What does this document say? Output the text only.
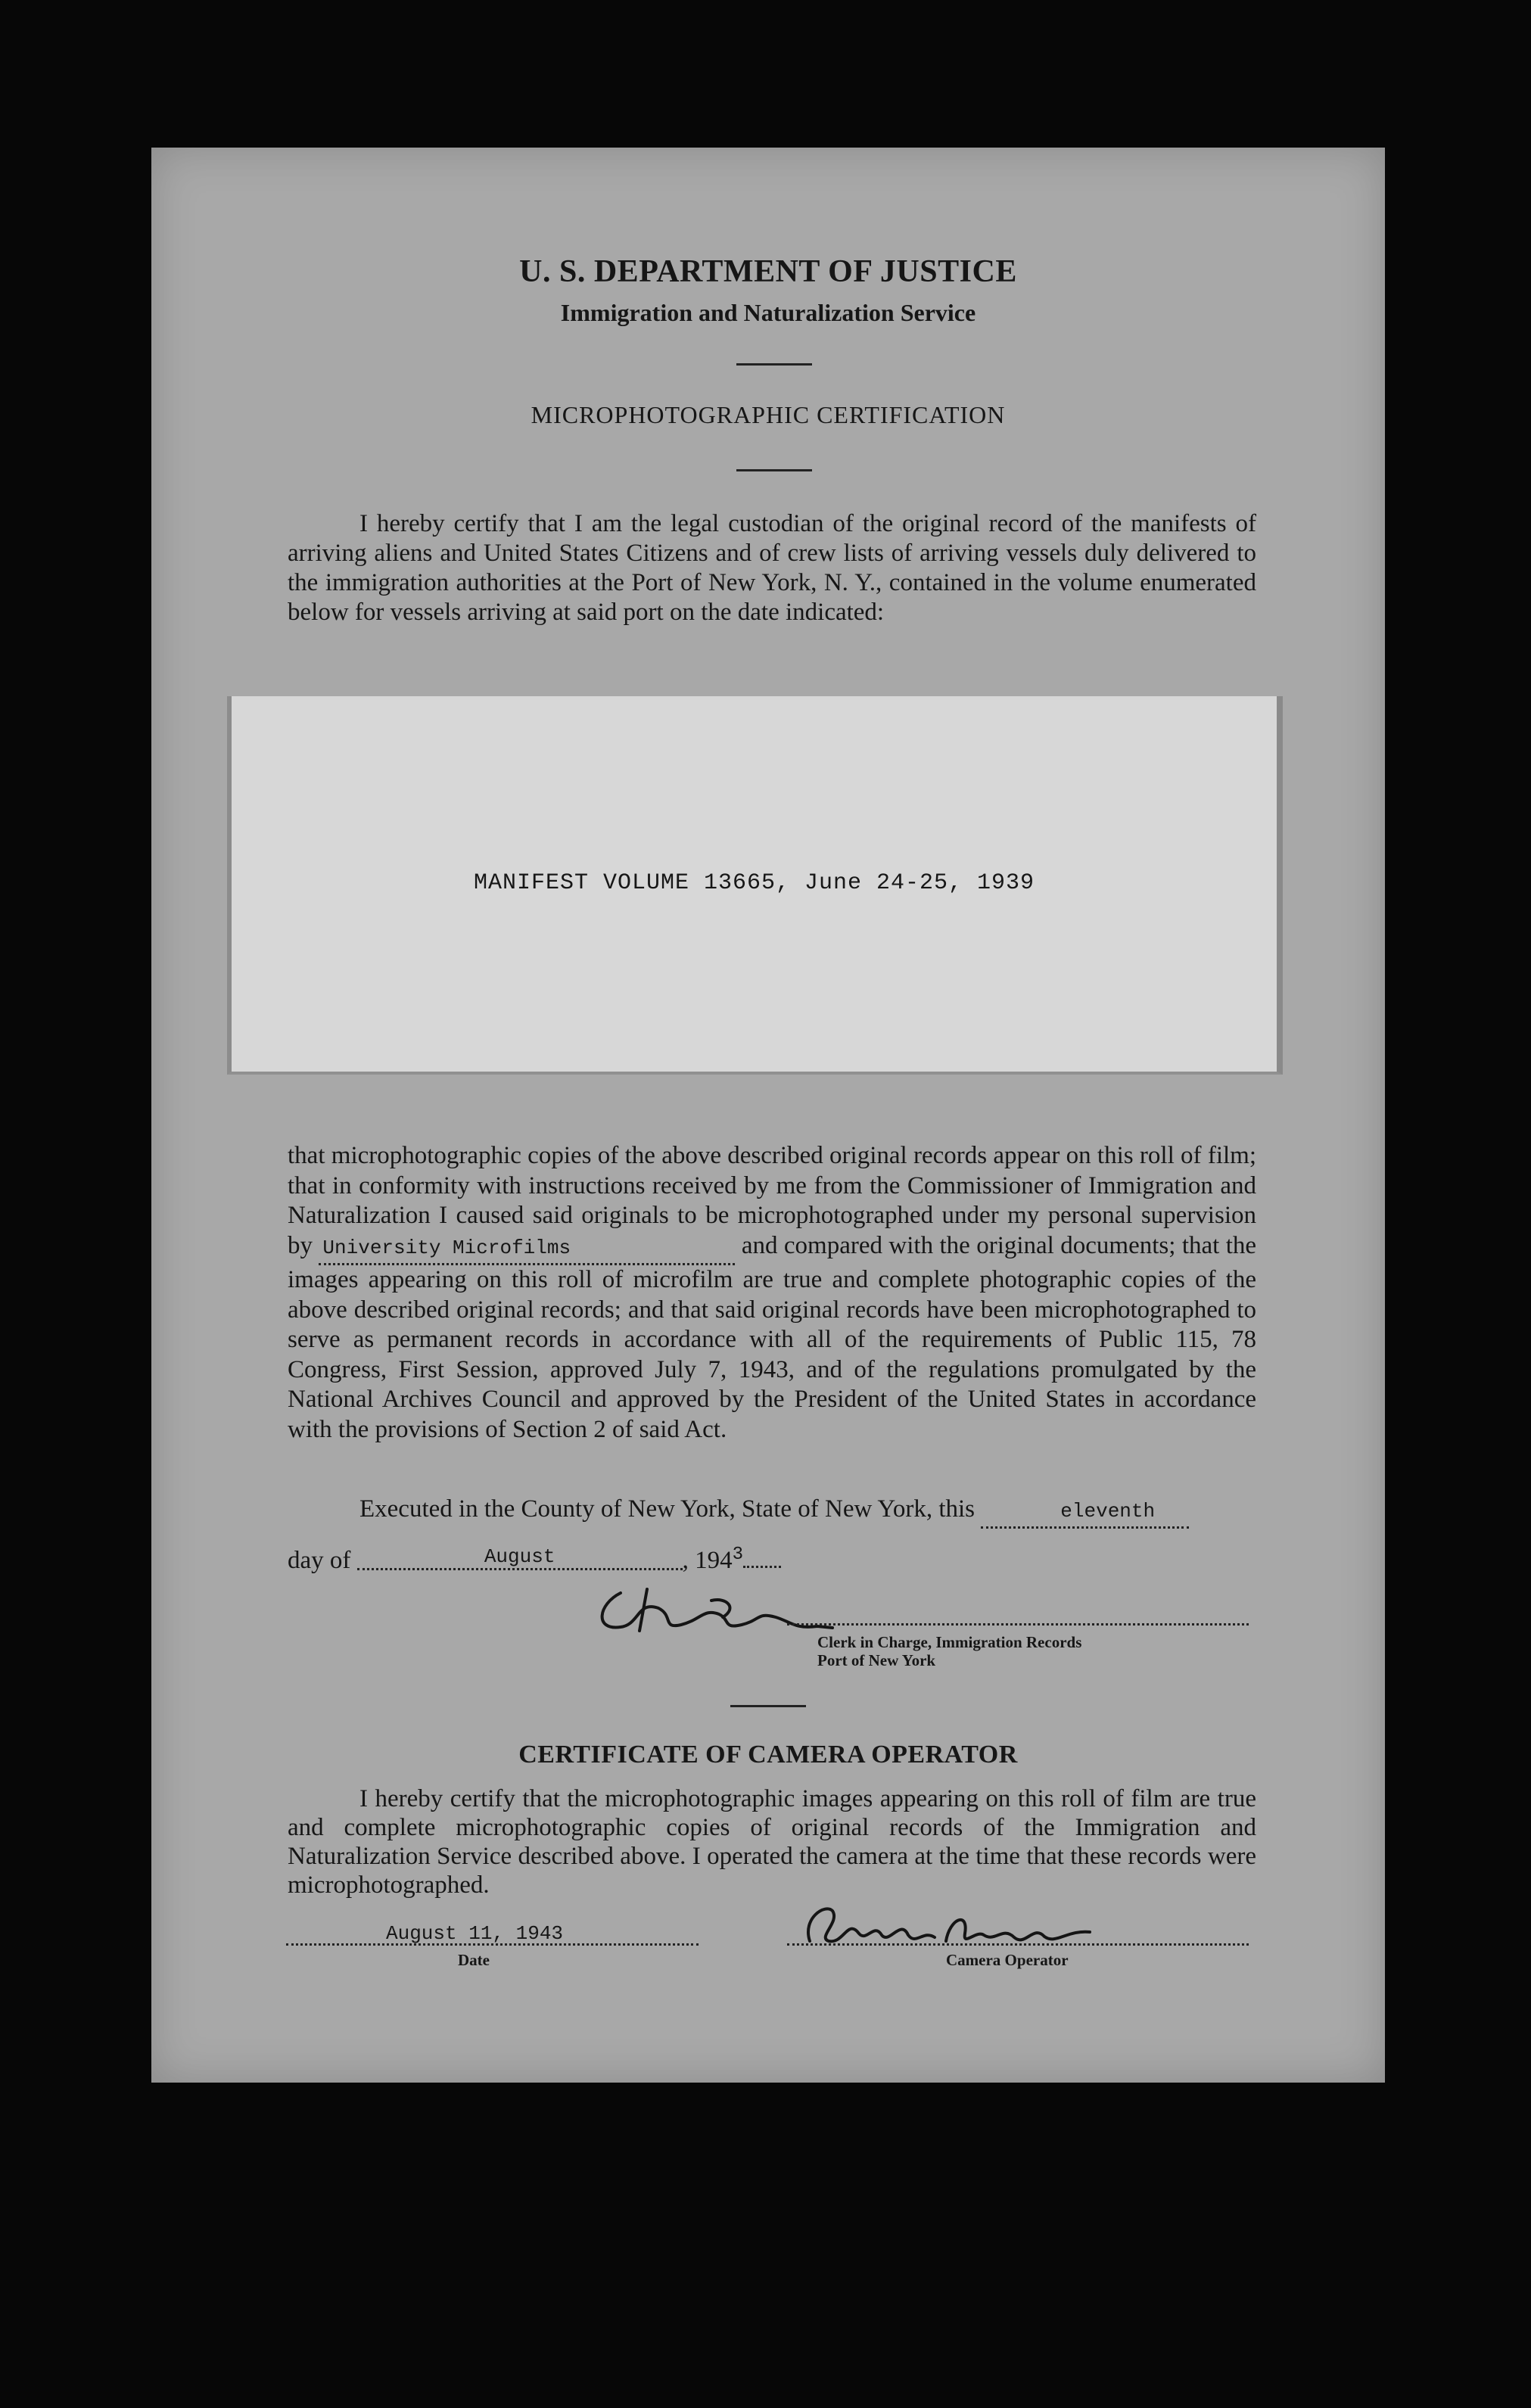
U. S. DEPARTMENT OF JUSTICE
Immigration and Naturalization Service
MICROPHOTOGRAPHIC CERTIFICATION
I hereby certify that I am the legal custodian of the original record of the manifests of arriving aliens and United States Citizens and of crew lists of arriving vessels duly delivered to the immigration authorities at the Port of New York, N. Y., contained in the volume enumerated below for vessels arriving at said port on the date indicated:
MANIFEST VOLUME 13665, June 24-25, 1939
that microphotographic copies of the above described original records appear on this roll of film; that in conformity with instructions received by me from the Commissioner of Immigration and Naturalization I caused said originals to be microphotographed under my personal supervision by University Microfilms	and compared with the original documents; that the images appearing on this roll of microfilm are true and complete photographic copies of the above described original records; and that said original records have been microphotographed to serve as permanent records in accordance with all of the requirements of Public 115, 78 Congress, First Session, approved July 7, 1943, and of the regulations promulgated by the National Archives Council and approved by the President of the United States in accordance with the provisions of Section 2 of said Act.
Executed in the County of New York, State of New York, this	eleventh
day of	August	, $194^3$
Clerk in Charge, Immigration Records
Port of New York
CERTIFICATE OF CAMERA OPERATOR
I hereby certify that the microphotographic images appearing on this roll of film are true and complete microphotographic copies of original records of the Immigration and Naturalization Service described above. I operated the camera at the time that these records were microphotographed.
August 11, 1943
Date	Camera Operator
